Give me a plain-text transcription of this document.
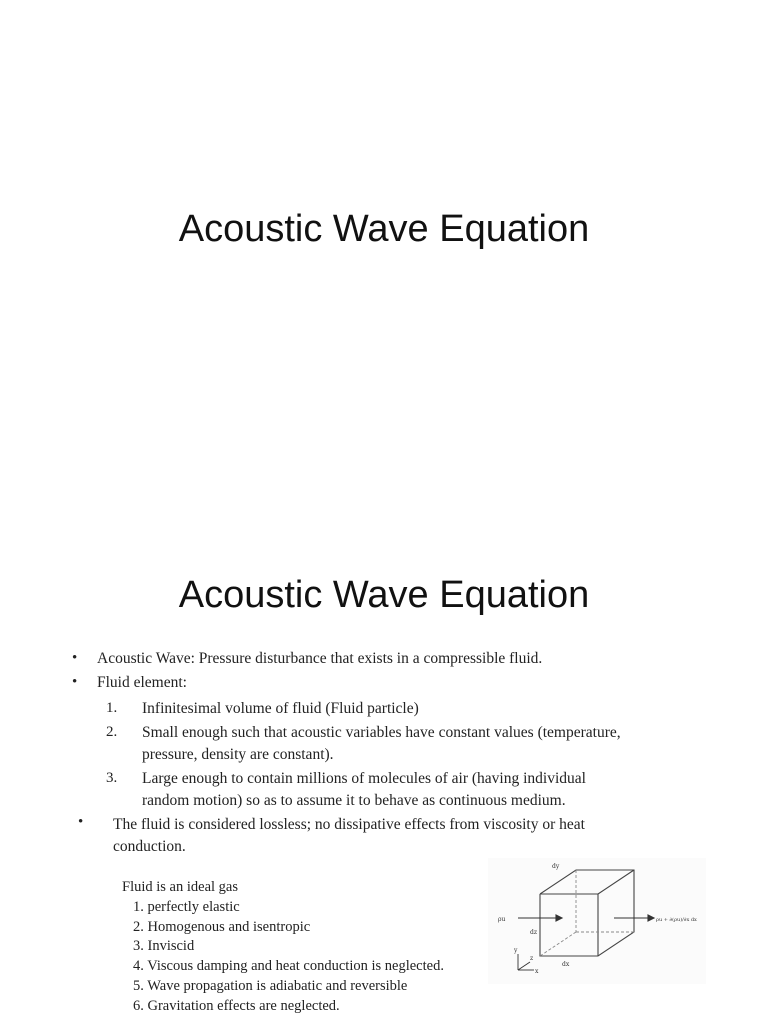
Acoustic Wave Equation
Acoustic Wave Equation
• Acoustic Wave: Pressure disturbance that exists in a compressible fluid.
• Fluid element:
1. Infinitesimal volume of fluid (Fluid particle)
2. Small enough such that acoustic variables have constant values (temperature,
pressure, density are constant).
3. Large enough to contain millions of molecules of air (having individual
random motion) so as to assume it to behave as continuous medium.
• The fluid is considered lossless; no dissipative effects from viscosity or heat
conduction.
Fluid is an ideal gas
1. perfectly elastic
2. Homogenous and isentropic
3. Inviscid
4. Viscous damping and heat conduction is neglected.
5. Wave propagation is adiabatic and reversible
6. Gravitation effects are neglected.
ρu	ρu + ∂(ρu)/∂x dx
dy
dz
dx
y
x
z
